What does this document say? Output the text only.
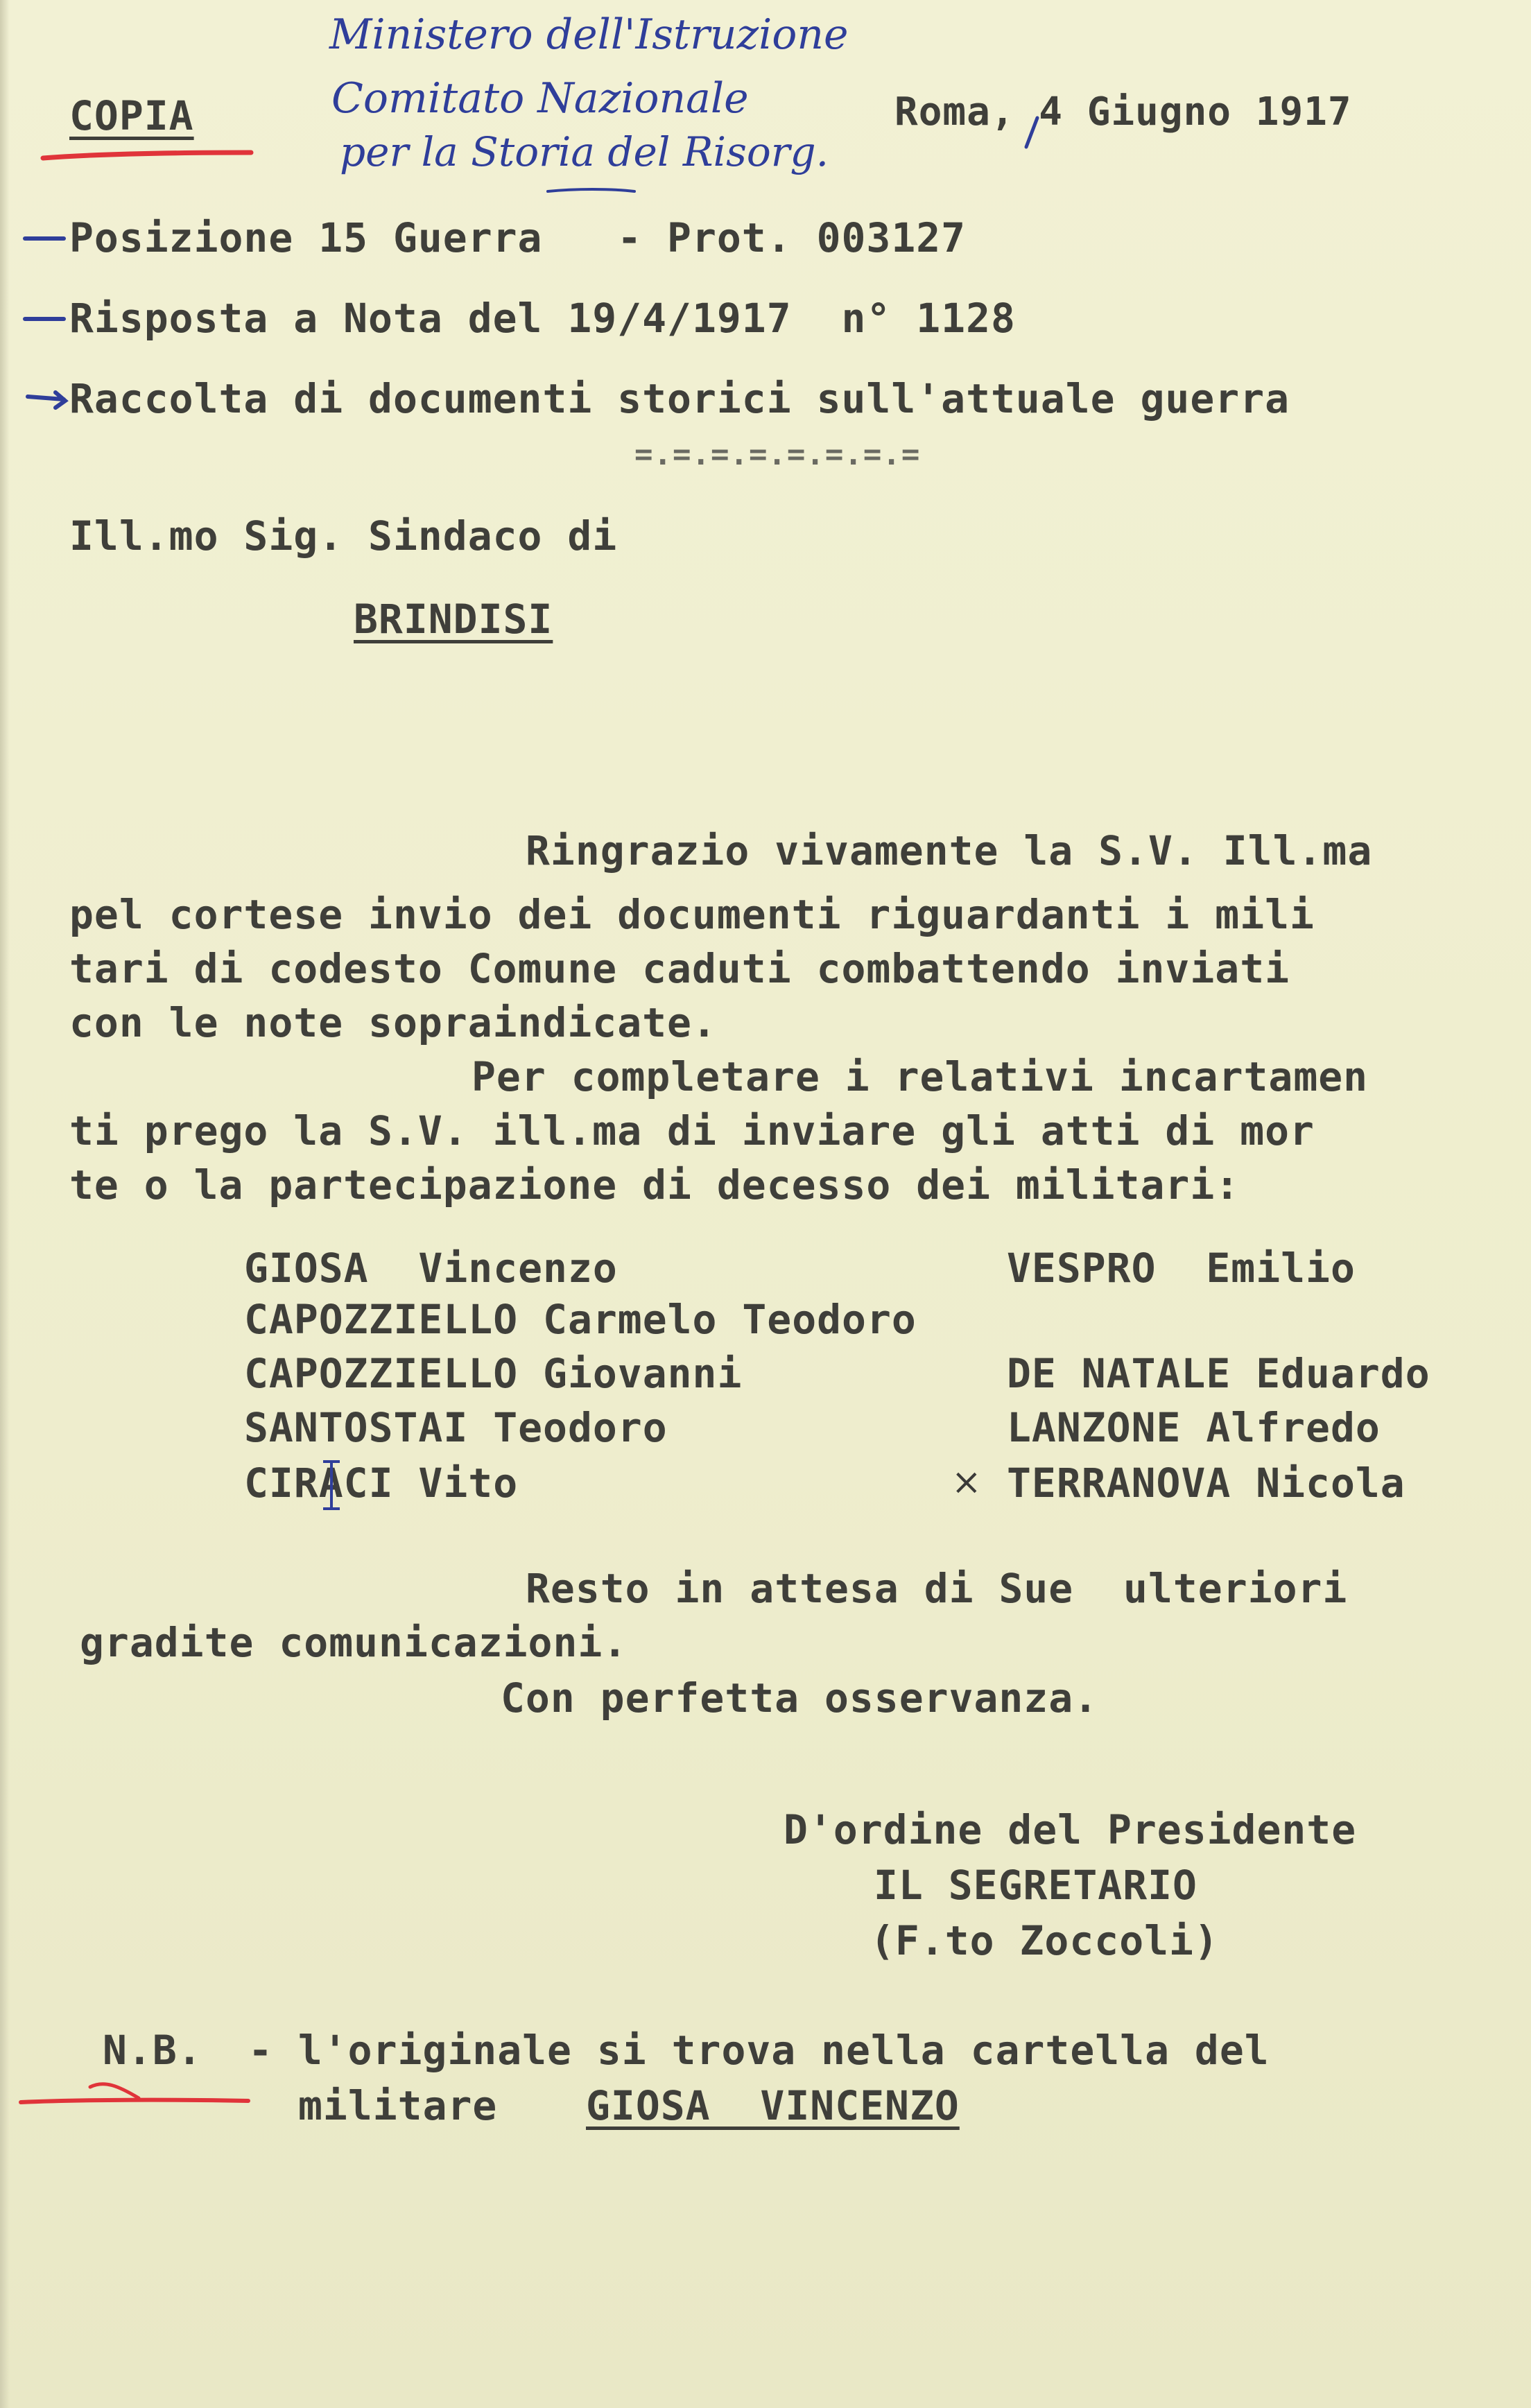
COPIA
Ministero dell'Istruzione
Comitato Nazionale
per la Storia del Risorg.
Roma, 4 Giugno 1917
Posizione 15 Guerra   - Prot. 003127
Risposta a Nota del 19/4/1917  n° 1128
Raccolta di documenti storici sull'attuale guerra
=.=.=.=.=.=.=.=
Ill.mo Sig. Sindaco di
BRINDISI
Ringrazio vivamente la S.V. Ill.ma
pel cortese invio dei documenti riguardanti i mili
tari di codesto Comune caduti combattendo inviati
con le note sopraindicate.
Per completare i relativi incartamen
ti prego la S.V. ill.ma di inviare gli atti di mor
te o la partecipazione di decesso dei militari:
GIOSA  Vincenzo
CAPOZZIELLO Carmelo Teodoro
CAPOZZIELLO Giovanni
SANTOSTAI Teodoro
CIRACI Vito
VESPRO  Emilio
DE NATALE Eduardo
LANZONE Alfredo
TERRANOVA Nicola
×
Resto in attesa di Sue  ulteriori
gradite comunicazioni.
Con perfetta osservanza.
D'ordine del Presidente
IL SEGRETARIO
(F.to Zoccoli)
N.B. - l'originale si trova nella cartella del
militare GIOSA  VINCENZO
